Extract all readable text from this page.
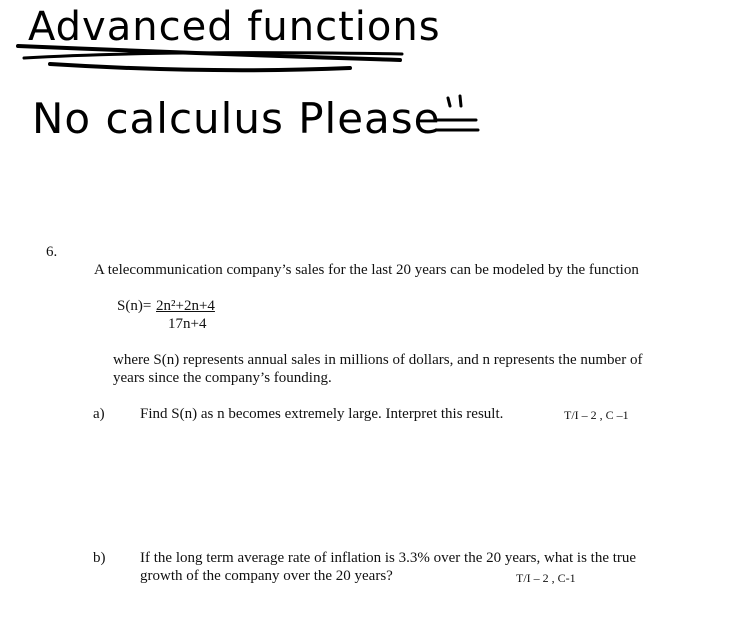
Advanced functions
No calculus Please
6.
A telecommunication company’s sales for the last 20 years can be modeled by the function
S(n)= 2n²+2n+4
17n+4
where S(n) represents annual sales in millions of dollars, and n represents the number of
years since the company’s founding.
a) Find S(n) as n becomes extremely large. Interpret this result.	T/I – 2 , C –1
b) If the long term average rate of inflation is 3.3% over the 20 years, what is the true
growth of the company over the 20 years?	T/I – 2 , C-1
